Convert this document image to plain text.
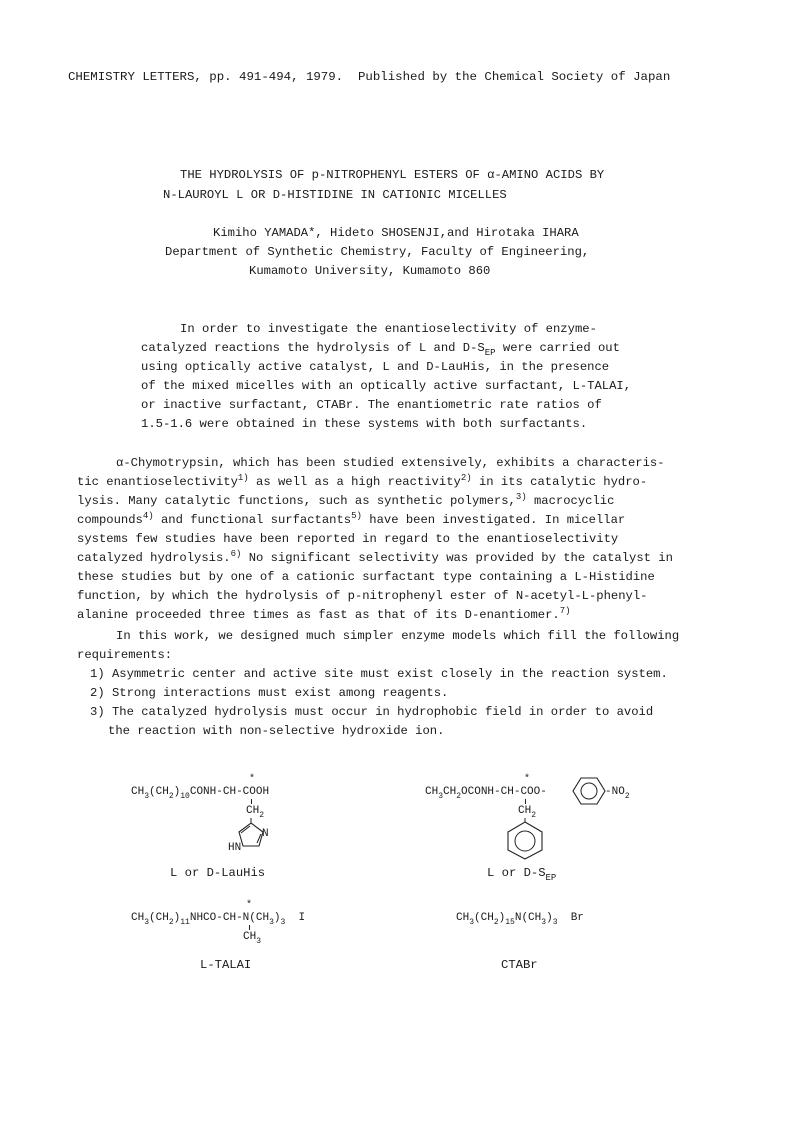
CHEMISTRY LETTERS, pp. 491-494, 1979.  Published by the Chemical Society of Japan
THE HYDROLYSIS OF p-NITROPHENYL ESTERS OF α-AMINO ACIDS BY
N-LAUROYL L OR D-HISTIDINE IN CATIONIC MICELLES
Kimiho YAMADA*, Hideto SHOSENJI,and Hirotaka IHARA
Department of Synthetic Chemistry, Faculty of Engineering,
Kumamoto University, Kumamoto 860
In order to investigate the enantioselectivity of enzyme-
catalyzed reactions the hydrolysis of L and $D-S_{EP}$ were carried out
using optically active catalyst, L and D-LauHis, in the presence
of the mixed micelles with an optically active surfactant, L-TALAI,
or inactive surfactant, CTABr. The enantiometric rate ratios of
1.5-1.6 were obtained in these systems with both surfactants.
α-Chymotrypsin, which has been studied extensively, exhibits a characteris-
tic enantioselectivity$^{1)}$ as well as a high reactivity$^{2)}$ in its catalytic hydro-
lysis. Many catalytic functions, such as synthetic polymers,$^{3)}$ macrocyclic
compounds$^{4)}$ and functional surfactants$^{5)}$ have been investigated. In micellar
systems few studies have been reported in regard to the enantioselectivity
catalyzed hydrolysis.$^{6)}$ No significant selectivity was provided by the catalyst in
these studies but by one of a cationic surfactant type containing a L-Histidine
function, by which the hydrolysis of p-nitrophenyl ester of N-acetyl-L-phenyl-
alanine proceeded three times as fast as that of its D-enantiomer.$^{7)}$
In this work, we designed much simpler enzyme models which fill the following
requirements:
1) Asymmetric center and active site must exist closely in the reaction system.
2) Strong interactions must exist among reagents.
3) The catalyzed hydrolysis must occur in hydrophobic field in order to avoid
the reaction with non-selective hydroxide ion.
$CH_3(CH_2)_{10}CONH-CH$-COOH
*
$CH_2$
N
HN
L or D-LauHis
$CH_3CH_2OCONH-CH-COO-$
*
$-NO_2$
$CH_2$
L or $D-S_{EP}$
$CH_3(CH_2)_{11}NHCO-CH-N(CH_3)_3$  I
*
$CH_3$
L-TALAI
$CH_3(CH_2)_{15}N(CH_3)_3$  Br
CTABr
